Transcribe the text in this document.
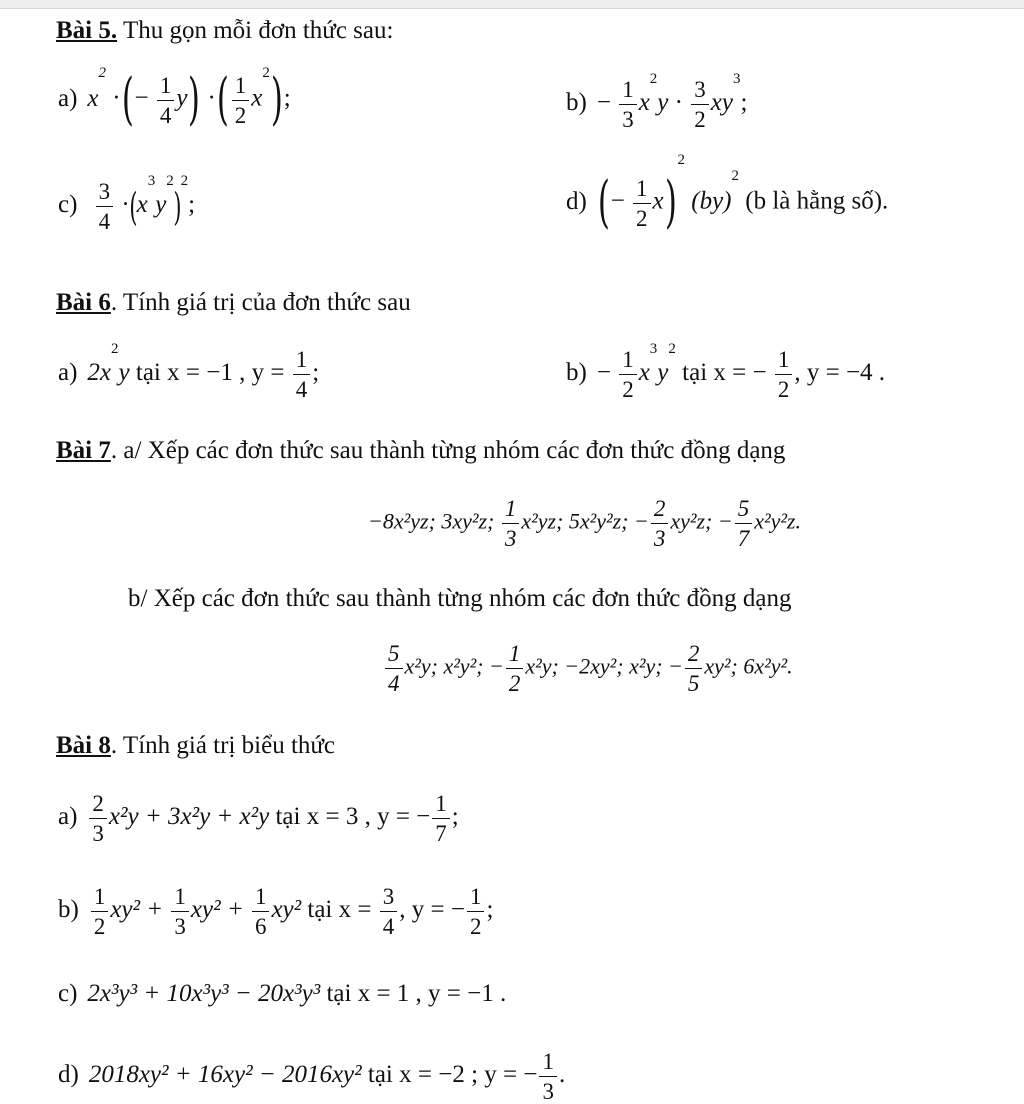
Bài 5. Thu gọn mỗi đơn thức sau:
a) $x^2$ ·(− $\frac{1}{4} y$) ·( $\frac{1}{2} x^2$);	$b) - \frac{1}{3} x^2y \cdot \frac{3}{2} xy^3$;
$c) \frac{3}{4} \cdot(x^3y^2)^2$;	d) (− $\frac{1}{2} x)^2$ (by)$^2$ (b là hằng số).
Bài 6. Tính giá trị của đơn thức sau
a) $2x^2y$ tại x = −1 , $y = \frac{1}{4}$ ;	$b) - \frac{1}{2} x^3y^2$ tại x = − $\frac{1}{2}$ , y = −4 .
Bài 7. a/ Xếp các đơn thức sau thành từng nhóm các đơn thức đồng dạng
−8x²yz; 3xy²z; $\frac{1}{3} x^2yz$; 5x²y²z; − $\frac{2}{3} xy^2z$; − $\frac{5}{7} x^2y^2z$.
b/ Xếp các đơn thức sau thành từng nhóm các đơn thức đồng dạng
$\frac{5}{4} x^2y$; x²y²; − $\frac{1}{2} x^2y$; −2xy²; x²y; − $\frac{2}{5} xy^2$; 6x²y².
Bài 8. Tính giá trị biểu thức
$a) \frac{2}{3} x^2y + 3x^2y + x^2y$ tại x = 3 , y = − $\frac{1}{7}$ ;
$b) \frac{1}{2} xy^2 + \frac{1}{3} xy^2 + \frac{1}{6} xy^2$ tại $x = \frac{3}{4}$ , y = − $\frac{1}{2}$ ;
c) 2x³y³ + 10x³y³ − 20x³y³ tại x = 1 , y = −1 .
d) 2018xy² + 16xy² − 2016xy² tại x = −2 ; y = − $\frac{1}{3}$ .
